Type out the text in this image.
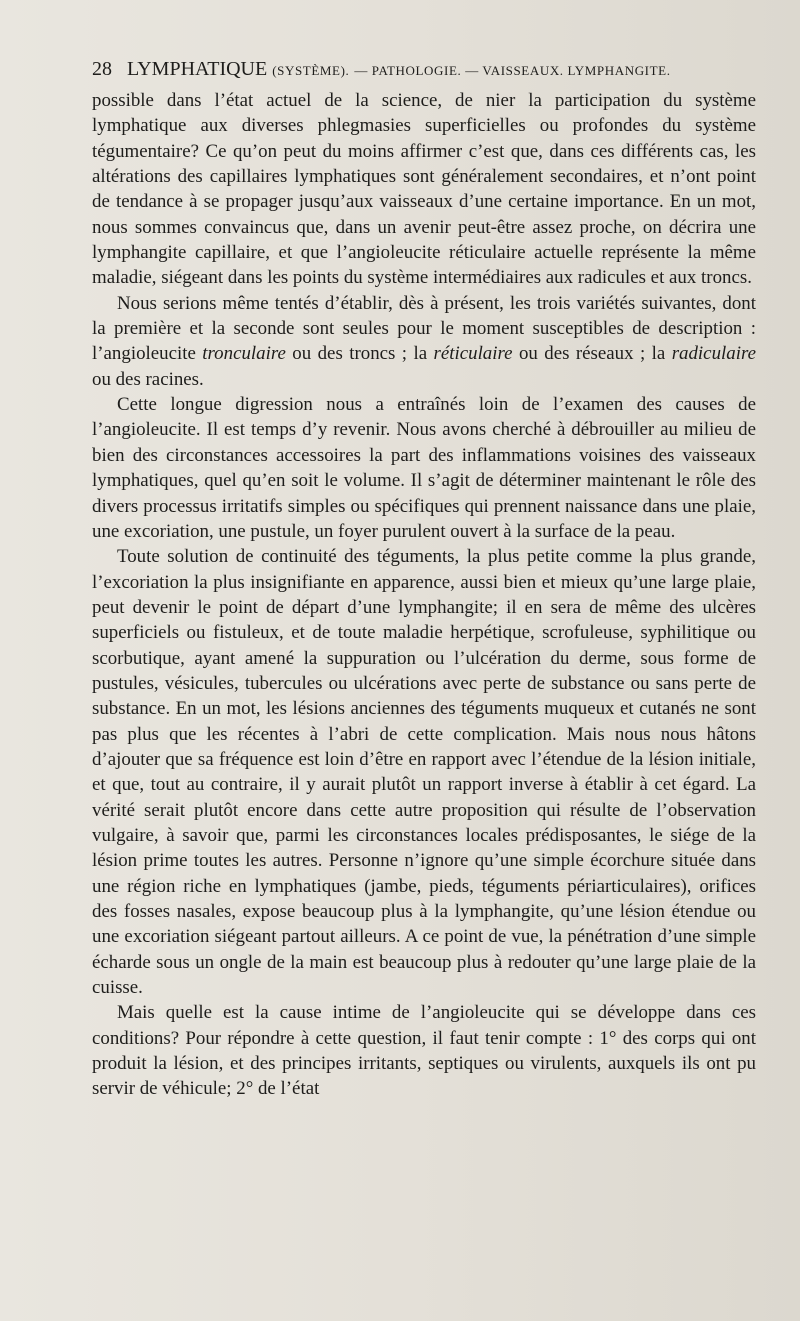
28 LYMPHATIQUE (SYSTÈME). — PATHOLOGIE. — VAISSEAUX. LYMPHANGITE.

possible dans l’état actuel de la science, de nier la participation du système lymphatique aux diverses phlegmasies superficielles ou profondes du système tégumentaire? Ce qu’on peut du moins affirmer c’est que, dans ces différents cas, les altérations des capillaires lymphatiques sont généralement secondaires, et n’ont point de tendance à se propager jusqu’aux vaisseaux d’une certaine importance. En un mot, nous sommes convaincus que, dans un avenir peut-être assez proche, on décrira une lymphangite capillaire, et que l’angioleucite réticulaire actuelle représente la même maladie, siégeant dans les points du système intermédiaires aux radicules et aux troncs.

Nous serions même tentés d’établir, dès à présent, les trois variétés suivantes, dont la première et la seconde sont seules pour le moment susceptibles de description : l’angioleucite tronculaire ou des troncs ; la réticulaire ou des réseaux ; la radiculaire ou des racines.

Cette longue digression nous a entraînés loin de l’examen des causes de l’angioleucite. Il est temps d’y revenir. Nous avons cherché à débrouiller au milieu de bien des circonstances accessoires la part des inflammations voisines des vaisseaux lymphatiques, quel qu’en soit le volume. Il s’agit de déterminer maintenant le rôle des divers processus irritatifs simples ou spécifiques qui prennent naissance dans une plaie, une excoriation, une pustule, un foyer purulent ouvert à la surface de la peau.

Toute solution de continuité des téguments, la plus petite comme la plus grande, l’excoriation la plus insignifiante en apparence, aussi bien et mieux qu’une large plaie, peut devenir le point de départ d’une lymphangite; il en sera de même des ulcères superficiels ou fistuleux, et de toute maladie herpétique, scrofuleuse, syphilitique ou scorbutique, ayant amené la suppuration ou l’ulcération du derme, sous forme de pustules, vésicules, tubercules ou ulcérations avec perte de substance ou sans perte de substance. En un mot, les lésions anciennes des téguments muqueux et cutanés ne sont pas plus que les récentes à l’abri de cette complication. Mais nous nous hâtons d’ajouter que sa fréquence est loin d’être en rapport avec l’étendue de la lésion initiale, et que, tout au contraire, il y aurait plutôt un rapport inverse à établir à cet égard. La vérité serait plutôt encore dans cette autre proposition qui résulte de l’observation vulgaire, à savoir que, parmi les circonstances locales prédisposantes, le siége de la lésion prime toutes les autres. Personne n’ignore qu’une simple écorchure située dans une région riche en lymphatiques (jambe, pieds, téguments périarticulaires), orifices des fosses nasales, expose beaucoup plus à la lymphangite, qu’une lésion étendue ou une excoriation siégeant partout ailleurs. A ce point de vue, la pénétration d’une simple écharde sous un ongle de la main est beaucoup plus à redouter qu’une large plaie de la cuisse.

Mais quelle est la cause intime de l’angioleucite qui se développe dans ces conditions? Pour répondre à cette question, il faut tenir compte : 1° des corps qui ont produit la lésion, et des principes irritants, septiques ou virulents, auxquels ils ont pu servir de véhicule; 2° de l’état
